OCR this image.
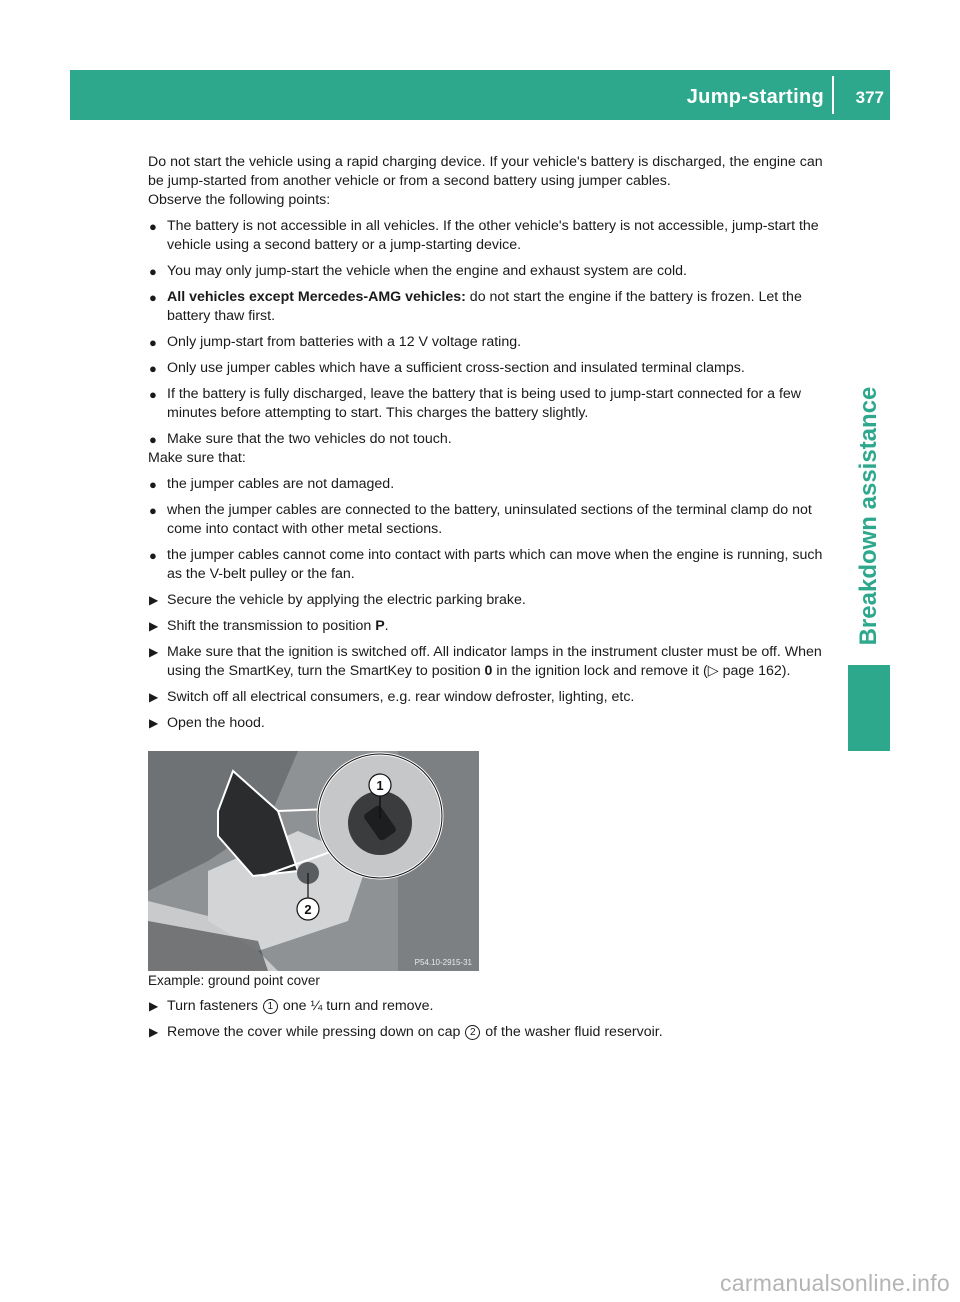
Jump-starting 377
Breakdown assistance

Do not start the vehicle using a rapid charging device. If your vehicle's battery is discharged, the engine can be jump-started from another vehicle or from a second battery using jumper cables.

Observe the following points:

● The battery is not accessible in all vehicles. If the other vehicle's battery is not accessible, jump-start the vehicle using a second battery or a jump-starting device.
● You may only jump-start the vehicle when the engine and exhaust system are cold.
● All vehicles except Mercedes-AMG vehicles: do not start the engine if the battery is frozen. Let the battery thaw first.
● Only jump-start from batteries with a 12 V voltage rating.
● Only use jumper cables which have a sufficient cross-section and insulated terminal clamps.
● If the battery is fully discharged, leave the battery that is being used to jump-start connected for a few minutes before attempting to start. This charges the battery slightly.
● Make sure that the two vehicles do not touch.

Make sure that:

● the jumper cables are not damaged.
● when the jumper cables are connected to the battery, uninsulated sections of the terminal clamp do not come into contact with other metal sections.
● the jumper cables cannot come into contact with parts which can move when the engine is running, such as the V-belt pulley or the fan.
▶ Secure the vehicle by applying the electric parking brake.
▶ Shift the transmission to position P.
▶ Make sure that the ignition is switched off. All indicator lamps in the instrument cluster must be off. When using the SmartKey, turn the SmartKey to position 0 in the ignition lock and remove it (▷ page 162).
▶ Switch off all electrical consumers, e.g. rear window defroster, lighting, etc.
▶ Open the hood.
1
2
P54.10-2915-31

Example: ground point cover

▶ Turn fasteners 1 one ¼ turn and remove.
▶ Remove the cover while pressing down on cap 2 of the washer fluid reservoir.
carmanualsonline.info
